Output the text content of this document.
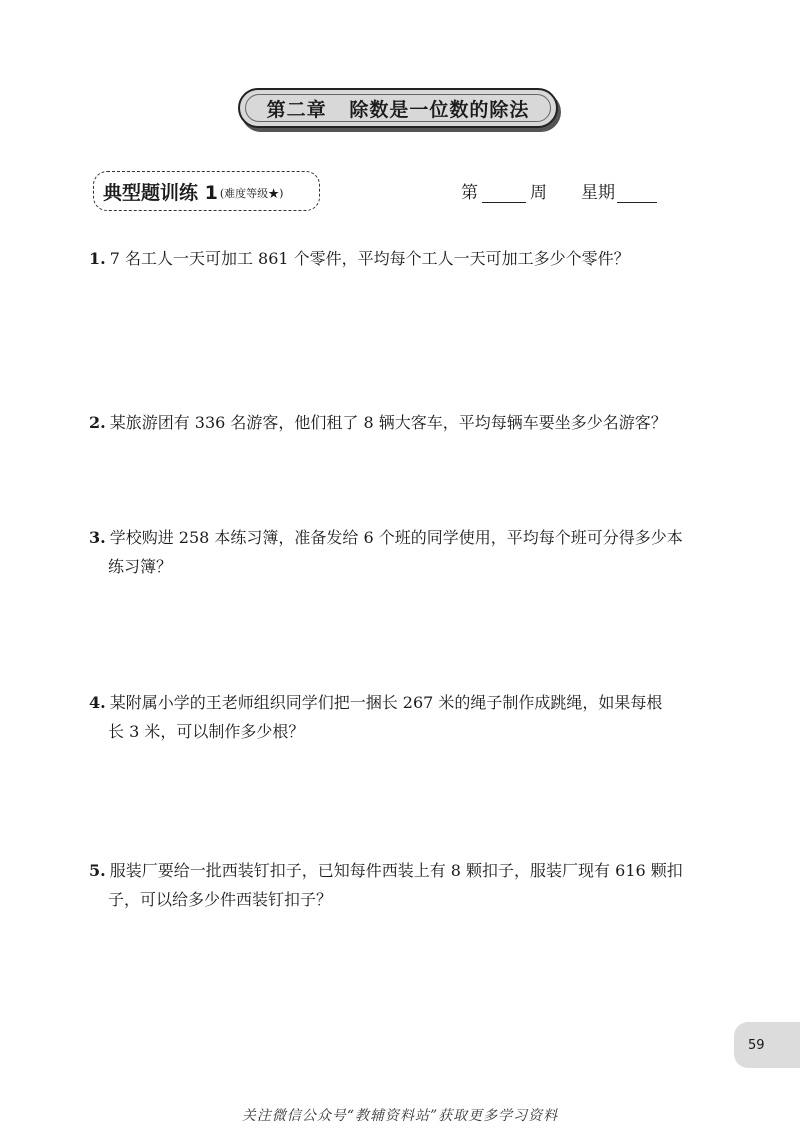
第二章   除数是一位数的除法
典型题训练 1 (难度等级★)	第	周 星期
1. 7 名工人一天可加工 861 个零件，平均每个工人一天可加工多少个零件？
2. 某旅游团有 336 名游客，他们租了 8 辆大客车，平均每辆车要坐多少名游客？
3. 学校购进 258 本练习簿，准备发给 6 个班的同学使用，平均每个班可分得多少本
练习簿？
4. 某附属小学的王老师组织同学们把一捆长 267 米的绳子制作成跳绳，如果每根
长 3 米，可以制作多少根？
5. 服装厂要给一批西装钉扣子，已知每件西装上有 8 颗扣子，服装厂现有 616 颗扣
子，可以给多少件西装钉扣子？
59
关注微信公众号“教辅资料站”获取更多学习资料
